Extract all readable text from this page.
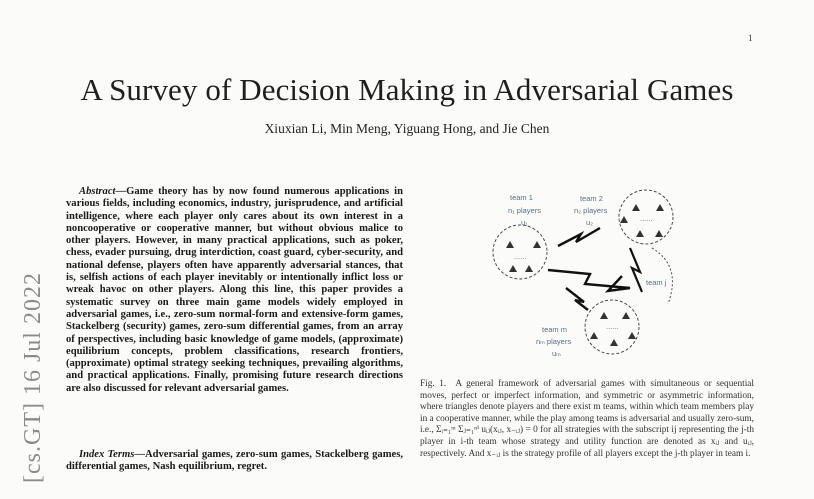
1
[cs.GT] 16 Jul 2022
A Survey of Decision Making in Adversarial Games
Xiuxian Li, Min Meng, Yiguang Hong, and Jie Chen

Abstract—Game theory has by now found numerous applications in various fields, including economics, industry, jurisprudence, and artificial intelligence, where each player only cares about its own interest in a noncooperative or cooperative manner, but without obvious malice to other players. However, in many practical applications, such as poker, chess, evader pursuing, drug interdiction, coast guard, cyber-security, and national defense, players often have apparently adversarial stances, that is, selfish actions of each player inevitably or intentionally inflict loss or wreak havoc on other players. Along this line, this paper provides a systematic survey on three main game models widely employed in adversarial games, i.e., zero-sum normal-form and extensive-form games, Stackelberg (security) games, zero-sum differential games, from an array of perspectives, including basic knowledge of game models, (approximate) equilibrium concepts, problem classifications, research frontiers, (approximate) optimal strategy seeking techniques, prevailing algorithms, and practical applications. Finally, promising future research directions are also discussed for relevant adversarial games.

Index Terms—Adversarial games, zero-sum games, Stackelberg games, differential games, Nash equilibrium, regret.

......
......
......
team 1
n₁ players
u₁
team 2
n₂ players
u₂
team j
team m
nₘ players
uₘ

Fig. 1. A general framework of adversarial games with simultaneous or sequential moves, perfect or imperfect information, and symmetric or asymmetric information, where triangles denote players and there exist m teams, within which team members play in a cooperative manner, while the play among teams is adversarial and usually zero-sum, i.e., Σᵢ₌₁ᵐ Σⱼ₌₁ⁿⁱ uᵢⱼ(xᵢⱼ, x₋ᵢⱼ) = 0 for all strategies with the subscript ij representing the j-th player in i-th team whose strategy and utility function are denoted as xᵢⱼ and uᵢⱼ, respectively. And x₋ᵢⱼ is the strategy profile of all players except the j-th player in team i.
